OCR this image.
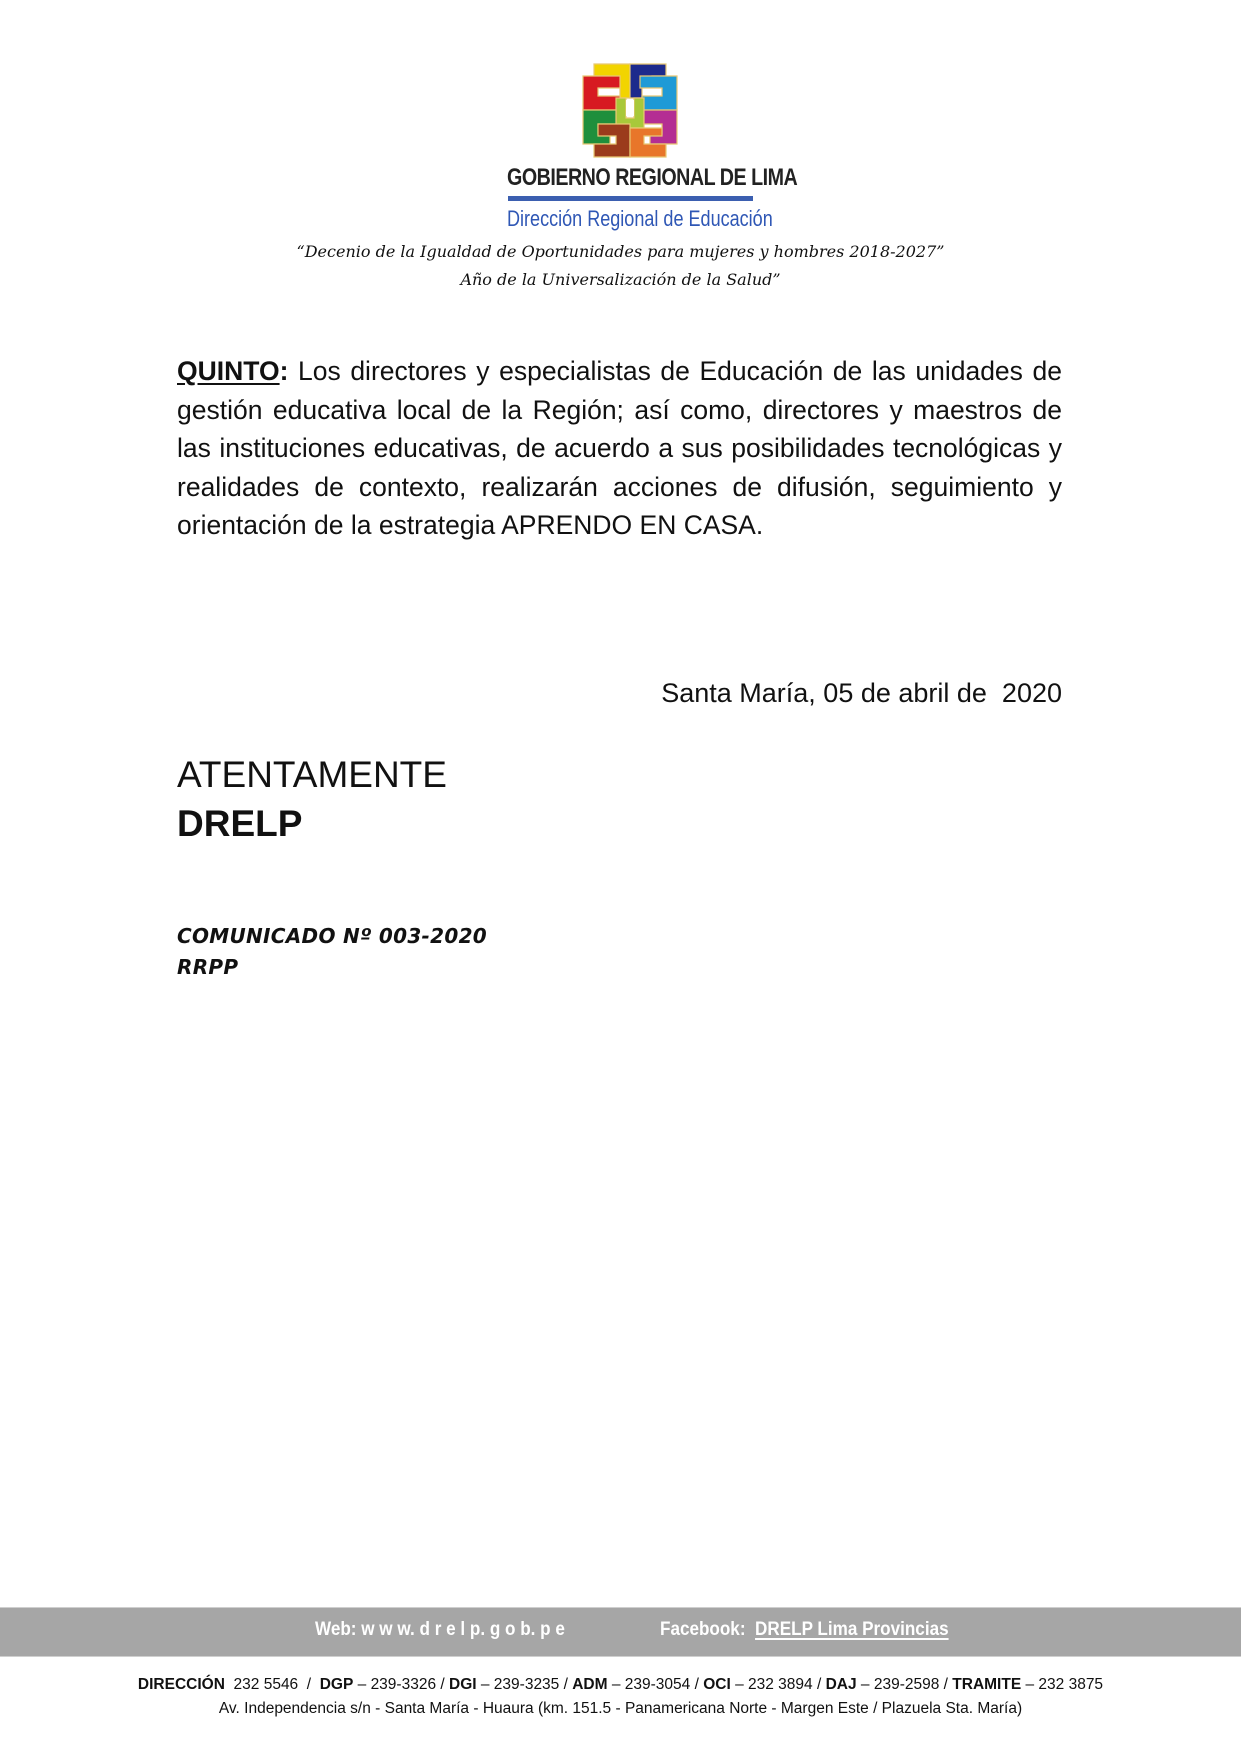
GOBIERNO REGIONAL DE LIMA
Dirección Regional de Educación
“Decenio de la Igualdad de Oportunidades para mujeres y hombres 2018-2027”
Año de la Universalización de la Salud”
QUINTO: Los directores y especialistas de Educación de las unidades de gestión educativa local de la Región; así como, directores y maestros de las instituciones educativas, de acuerdo a sus posibilidades tecnológicas y realidades de contexto, realizarán acciones de difusión, seguimiento y orientación de la estrategia APRENDO EN CASA.
Santa María, 05 de abril de  2020
ATENTAMENTE
DRELP
COMUNICADO Nº 003-2020
RRPP
Web: w w w. d r e l p. g o b. p e	Facebook: DRELP Lima Provincias
DIRECCIÓN 232 5546  /  DGP – 239-3326 / DGI – 239-3235 / ADM – 239-3054 / OCI – 232 3894 / DAJ – 239-2598 / TRAMITE – 232 3875
Av. Independencia s/n - Santa María - Huaura (km. 151.5 - Panamericana Norte - Margen Este / Plazuela Sta. María)
